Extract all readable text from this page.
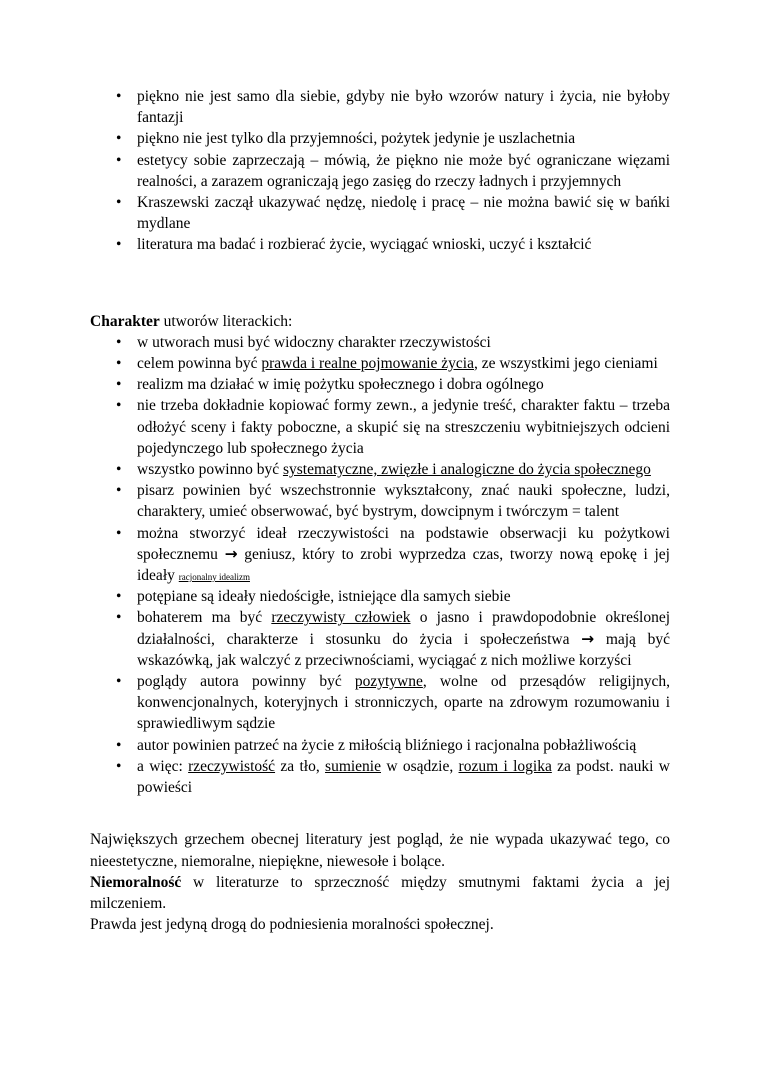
• piękno nie jest samo dla siebie, gdyby nie było wzorów natury i życia, nie byłoby fantazji
• piękno nie jest tylko dla przyjemności, pożytek jedynie je uszlachetnia
• estetycy sobie zaprzeczają – mówią, że piękno nie może być ograniczane więzami realności, a zarazem ograniczają jego zasięg do rzeczy ładnych i przyjemnych
• Kraszewski zaczął ukazywać nędzę, niedolę i pracę – nie można bawić się w bańki mydlane
• literatura ma badać i rozbierać życie, wyciągać wnioski, uczyć i kształcić

Charakter utworów literackich:

• w utworach musi być widoczny charakter rzeczywistości
• celem powinna być prawda i realne pojmowanie życia, ze wszystkimi jego cieniami
• realizm ma działać w imię pożytku społecznego i dobra ogólnego
• nie trzeba dokładnie kopiować formy zewn., a jedynie treść, charakter faktu – trzeba odłożyć sceny i fakty poboczne, a skupić się na streszczeniu wybitniejszych odcieni pojedynczego lub społecznego życia
• wszystko powinno być systematyczne, zwięzłe i analogiczne do życia społecznego
• pisarz powinien być wszechstronnie wykształcony, znać nauki społeczne, ludzi, charaktery, umieć obserwować, być bystrym, dowcipnym i twórczym = talent
• można stworzyć ideał rzeczywistości na podstawie obserwacji ku pożytkowi społecznemu → geniusz, który to zrobi wyprzedza czas, tworzy nową epokę i jej ideały racjonalny idealizm
• potępiane są ideały niedościgłe, istniejące dla samych siebie
• bohaterem ma być rzeczywisty człowiek o jasno i prawdopodobnie określonej działalności, charakterze i stosunku do życia i społeczeństwa → mają być wskazówką, jak walczyć z przeciwnościami, wyciągać z nich możliwe korzyści
• poglądy autora powinny być pozytywne, wolne od przesądów religijnych, konwencjonalnych, koteryjnych i stronniczych, oparte na zdrowym rozumowaniu i sprawiedliwym sądzie
• autor powinien patrzeć na życie z miłością bliźniego i racjonalna pobłażliwością
• a więc: rzeczywistość za tło, sumienie w osądzie, rozum i logika za podst. nauki w powieści

Największych grzechem obecnej literatury jest pogląd, że nie wypada ukazywać tego, co nieestetyczne, niemoralne, niepiękne, niewesołe i bolące.

Niemoralność w literaturze to sprzeczność między smutnymi faktami życia a jej milczeniem.

Prawda jest jedyną drogą do podniesienia moralności społecznej.
